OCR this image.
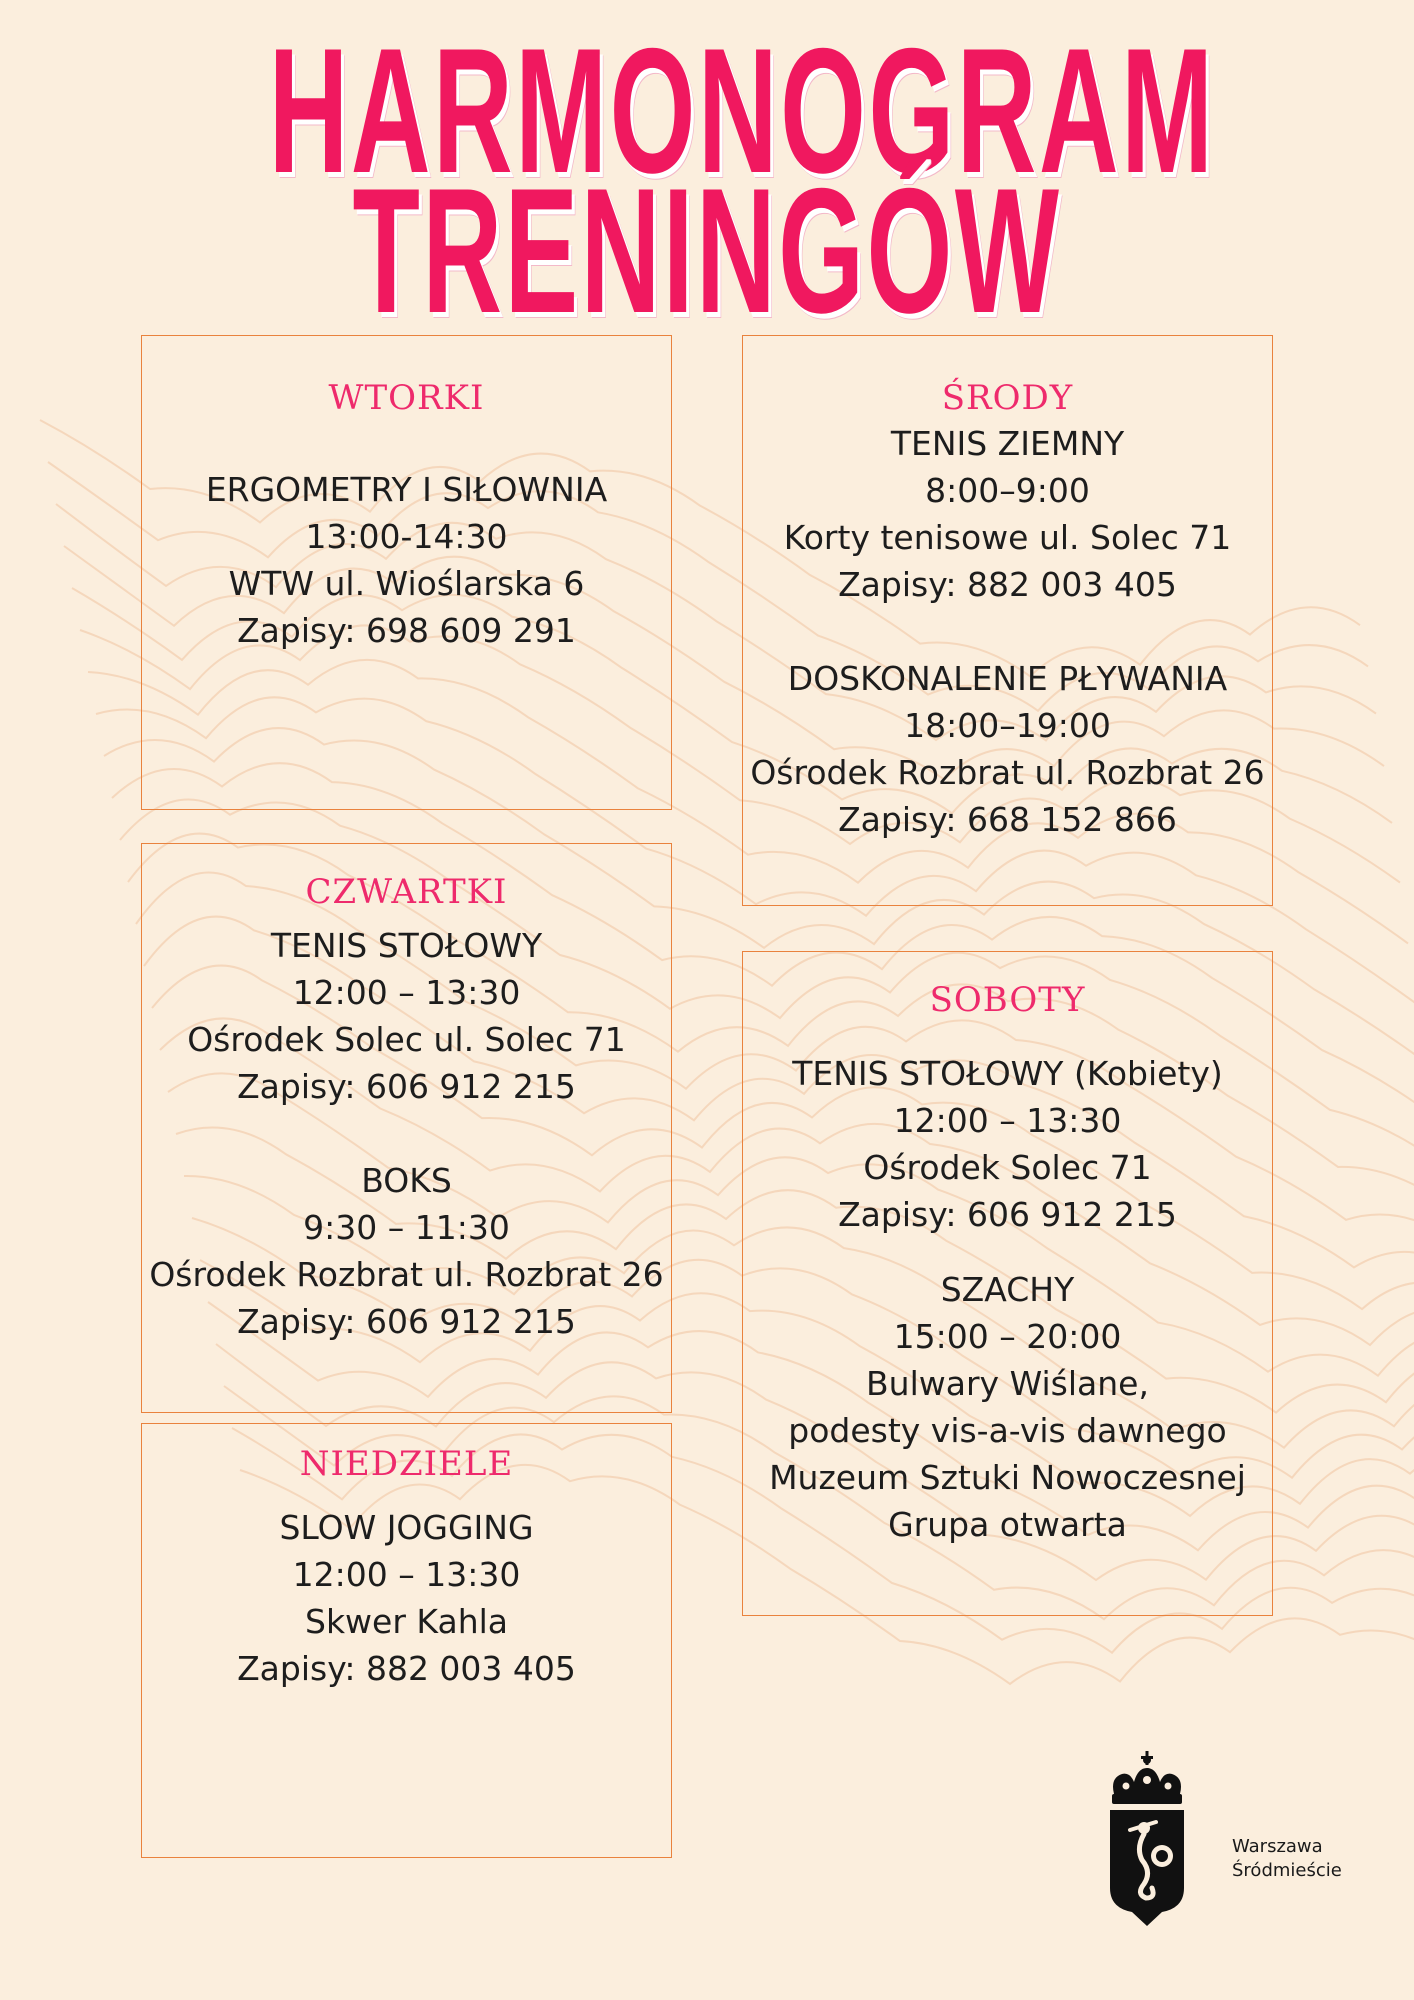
HARMONOGRAM
TRENINGÓW
WTORKI
ERGOMETRY I SIŁOWNIA
13:00-14:30
WTW ul. Wioślarska 6
Zapisy: 698 609 291
ŚRODY
TENIS ZIEMNY
8:00–9:00
Korty tenisowe ul. Solec 71
Zapisy: 882 003 405
DOSKONALENIE PŁYWANIA
18:00–19:00
Ośrodek Rozbrat ul. Rozbrat 26
Zapisy: 668 152 866
CZWARTKI
TENIS STOŁOWY
12:00 – 13:30
Ośrodek Solec ul. Solec 71
Zapisy: 606 912 215
BOKS
9:30 – 11:30
Ośrodek Rozbrat ul. Rozbrat 26
Zapisy: 606 912 215
SOBOTY
TENIS STOŁOWY (Kobiety)
12:00 – 13:30
Ośrodek Solec 71
Zapisy: 606 912 215
SZACHY
15:00 – 20:00
Bulwary Wiślane,
podesty vis-a-vis dawnego
Muzeum Sztuki Nowoczesnej
Grupa otwarta
NIEDZIELE
SLOW JOGGING
12:00 – 13:30
Skwer Kahla
Zapisy: 882 003 405
Warszawa
Śródmieście
